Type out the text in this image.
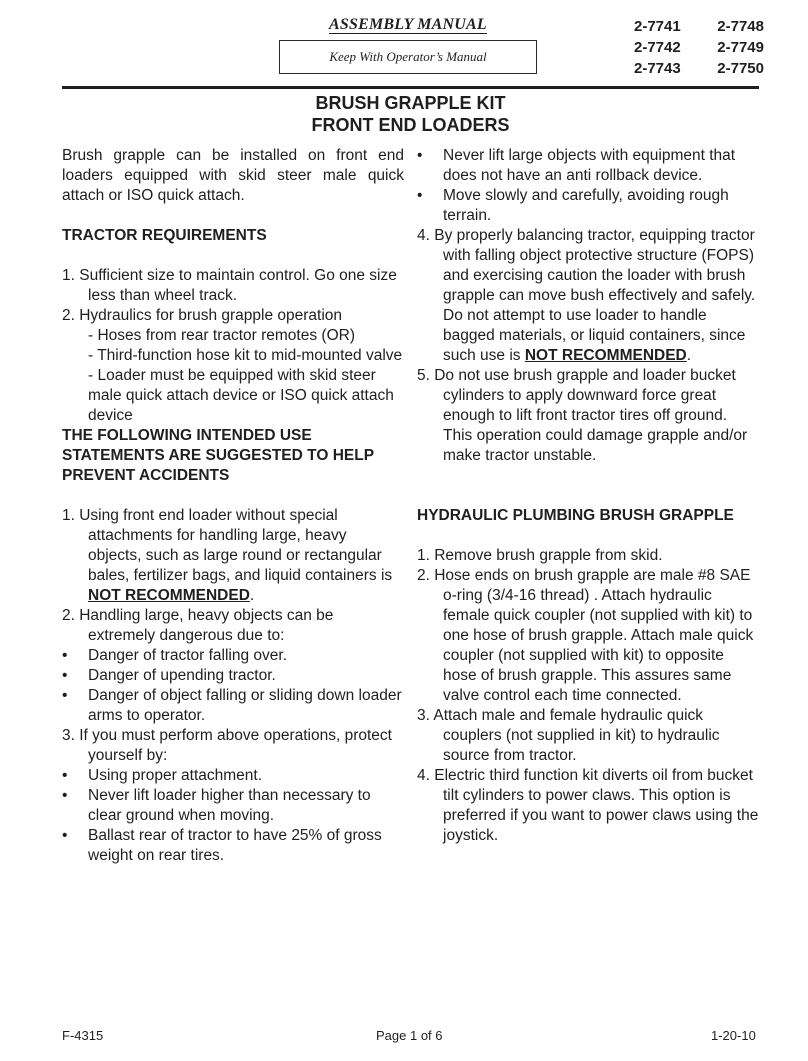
ASSEMBLY MANUAL
Keep With Operator’s Manual
2-7741 2-7748
2-7742 2-7749
2-7743 2-7750
BRUSH GRAPPLE KIT
FRONT END LOADERS

Brush grapple can be installed on front end loaders equipped with skid steer male quick attach or ISO quick attach.

TRACTOR REQUIREMENTS

1. Sufficient size to maintain control. Go one size less than wheel track.

2. Hydraulics for brush grapple operation

- Hoses from rear tractor remotes (OR)

- Third-function hose kit to mid-mounted valve

- Loader must be equipped with skid steer male quick attach device or ISO quick attach device

THE FOLLOWING INTENDED USE STATEMENTS ARE SUGGESTED TO HELP PREVENT ACCIDENTS

1. Using front end loader without special attachments for handling large, heavy objects, such as large round or rectangular bales, fertilizer bags, and liquid containers is NOT RECOMMENDED.

2. Handling large, heavy objects can be extremely dangerous due to:

• Danger of tractor falling over.

• Danger of upending tractor.

• Danger of object falling or sliding down loader arms to operator.

3. If you must perform above operations, protect yourself by:

• Using proper attachment.

• Never lift loader higher than necessary to clear ground when moving.

• Ballast rear of tractor to have 25% of gross weight on rear tires.

• Never lift large objects with equipment that does not have an anti rollback device.

• Move slowly and carefully, avoiding rough terrain.

4. By properly balancing tractor, equipping tractor with falling object protective structure (FOPS) and exercising caution the loader with brush grapple can move bush effectively and safely. Do not attempt to use loader to handle bagged materials, or liquid containers, since such use is NOT RECOMMENDED.

5. Do not use brush grapple and loader bucket cylinders to apply downward force great enough to lift front tractor tires off ground. This operation could damage grapple and/or make tractor unstable.

HYDRAULIC PLUMBING BRUSH GRAPPLE

1. Remove brush grapple from skid.

2. Hose ends on brush grapple are male #8 SAE o-ring (3/4-16 thread) . Attach hydraulic female quick coupler (not supplied with kit) to one hose of brush grapple. Attach male quick coupler (not supplied with kit) to opposite hose of brush grapple. This assures same valve control each time connected.

3. Attach male and female hydraulic quick couplers (not supplied in kit) to hydraulic source from tractor.

4. Electric third function kit diverts oil from bucket tilt cylinders to power claws. This option is preferred if you want to power claws using the joystick.

F-4315	Page 1 of 6	1-20-10
